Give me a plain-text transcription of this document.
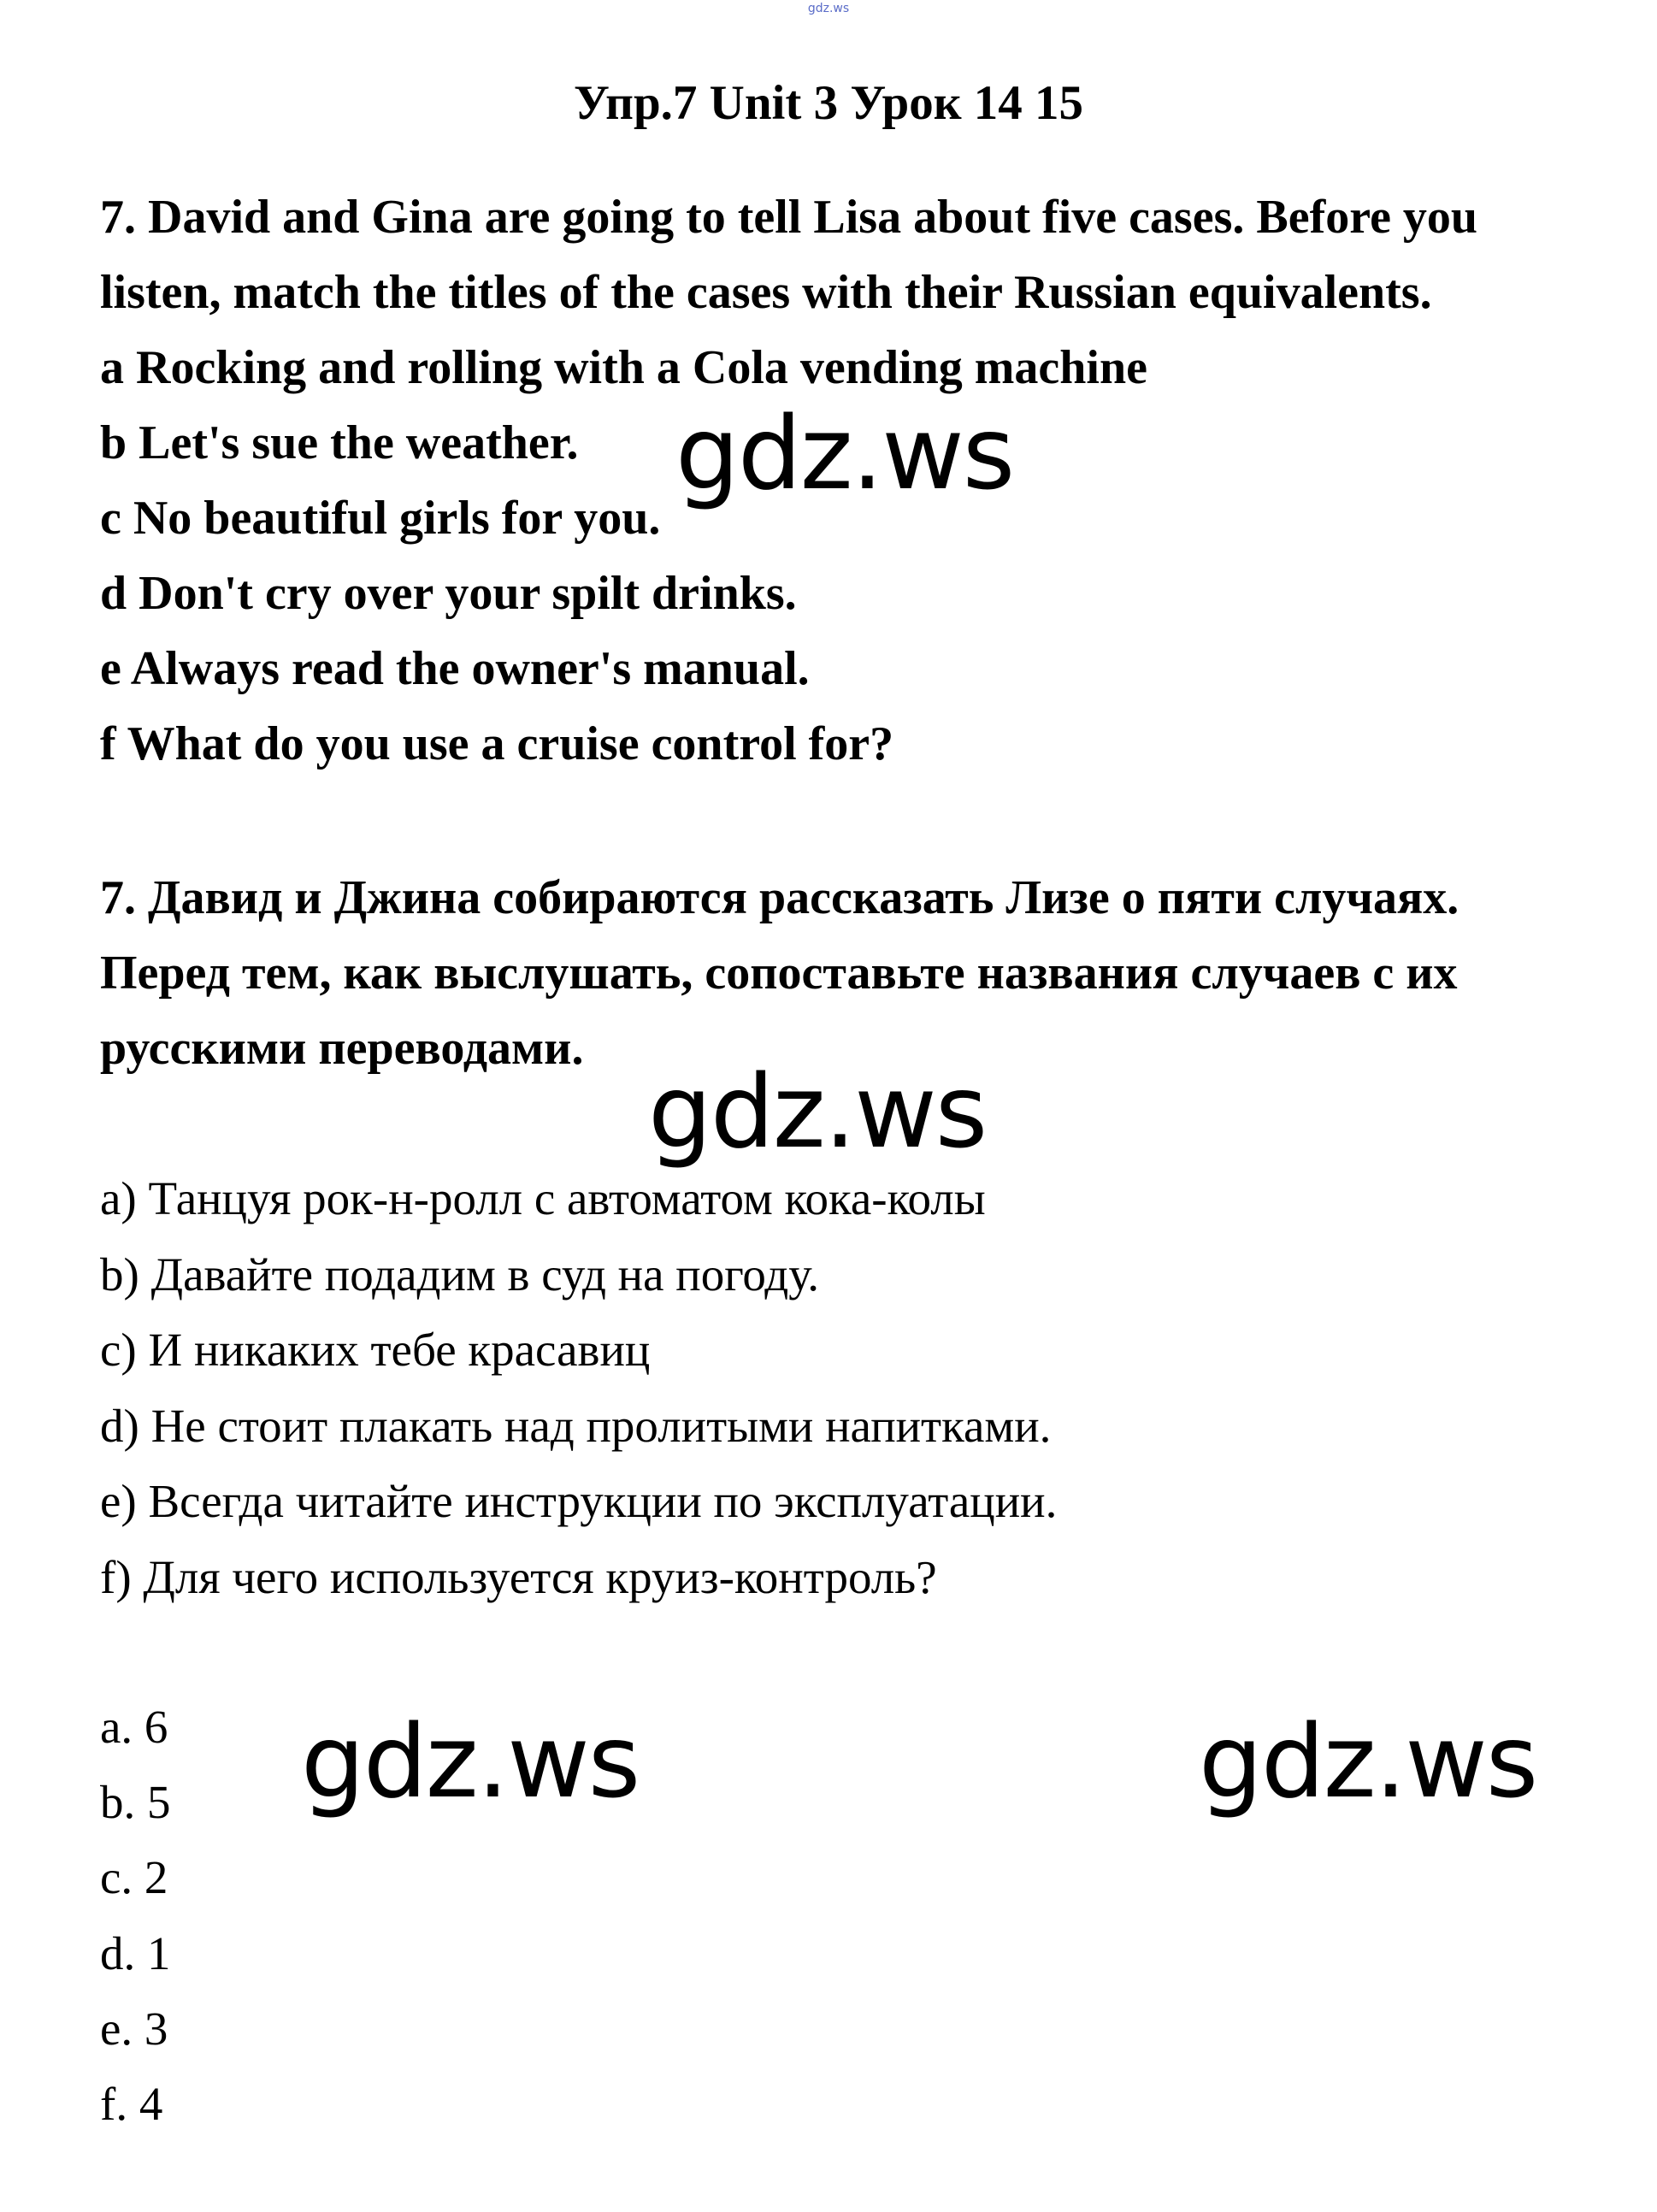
gdz.ws
Упр.7 Unit 3 Урок 14 15
7. David and Gina are going to tell Lisa about five cases. Before you
listen, match the titles of the cases with their Russian equivalents.
a Rocking and rolling with a Cola vending machine
b Let's sue the weather.
c No beautiful girls for you.
d Don't cry over your spilt drinks.
e Always read the owner's manual.
f What do you use a cruise control for?
7. Давид и Джина собираются рассказать Лизе о пяти случаях.
Перед тем, как выслушать, сопоставьте названия случаев с их
русскими переводами.
a) Танцуя рок-н-ролл с автоматом кока-колы
b) Давайте подадим в суд на погоду.
c) И никаких тебе красавиц
d) Не стоит плакать над пролитыми напитками.
e) Всегда читайте инструкции по эксплуатации.
f) Для чего используется круиз-контроль?
a. 6
b. 5
c. 2
d. 1
e. 3
f. 4
gdz.ws
gdz.ws
gdz.ws	gdz.ws
